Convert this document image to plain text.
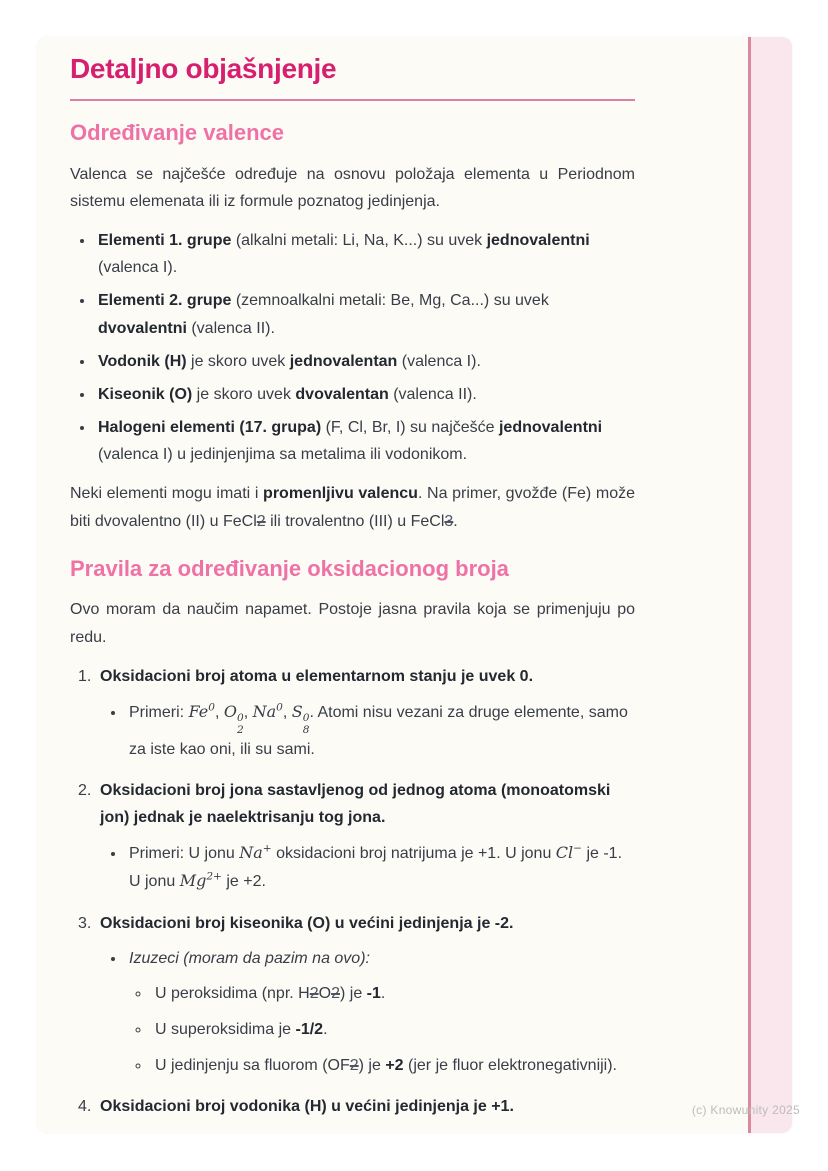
Detaljno objašnjenje
Određivanje valence

Valenca se najčešće određuje na osnovu položaja elementa u Periodnom sistemu elemenata ili iz formule poznatog jedinjenja.

• Elementi 1. grupe (alkalni metali: Li, Na, K...) su uvek jednovalentni (valenca I).
• Elementi 2. grupe (zemnoalkalni metali: Be, Mg, Ca...) su uvek dvovalentni (valenca II).
• Vodonik (H) je skoro uvek jednovalentan (valenca I).
• Kiseonik (O) je skoro uvek dvovalentan (valenca II).
• Halogeni elementi (17. grupa) (F, Cl, Br, I) su najčešće jednovalentni (valenca I) u jedinjenjima sa metalima ili vodonikom.

Neki elementi mogu imati i promenljivu valencu. Na primer, gvožđe (Fe) može biti dvovalentno (II) u FeCl2 ili trovalentno (III) u FeCl3.

Pravila za određivanje oksidacionog broja

Ovo moram da naučim napamet. Postoje jasna pravila koja se primenjuju po redu.

1. Oksidacioni broj atoma u elementarnom stanju je uvek 0.
• Primeri: Fe$^0$, O 0
2
, Na$^0$, S 0
8
. Atomi nisu vezani za druge elemente, samo za iste kao oni, ili su sami.
2. Oksidacioni broj jona sastavljenog od jednog atoma (monoatomski jon) jednak je naelektrisanju tog jona.
• Primeri: U jonu Na+ oksidacioni broj natrijuma je +1. U jonu Cl− je -1. U jonu $Mg^{2+}$ je +2.
3. Oksidacioni broj kiseonika (O) u većini jedinjenja je -2.
• Izuzeci (moram da pazim na ovo):
◦ U peroksidima (npr. H2O2) je -1.
◦ U superoksidima je -1/2.
◦ U jedinjenju sa fluorom (OF2) je +2 (jer je fluor elektronegativniji).
4. Oksidacioni broj vodonika (H) u većini jedinjenja je +1.	(c) Knowunity 2025
